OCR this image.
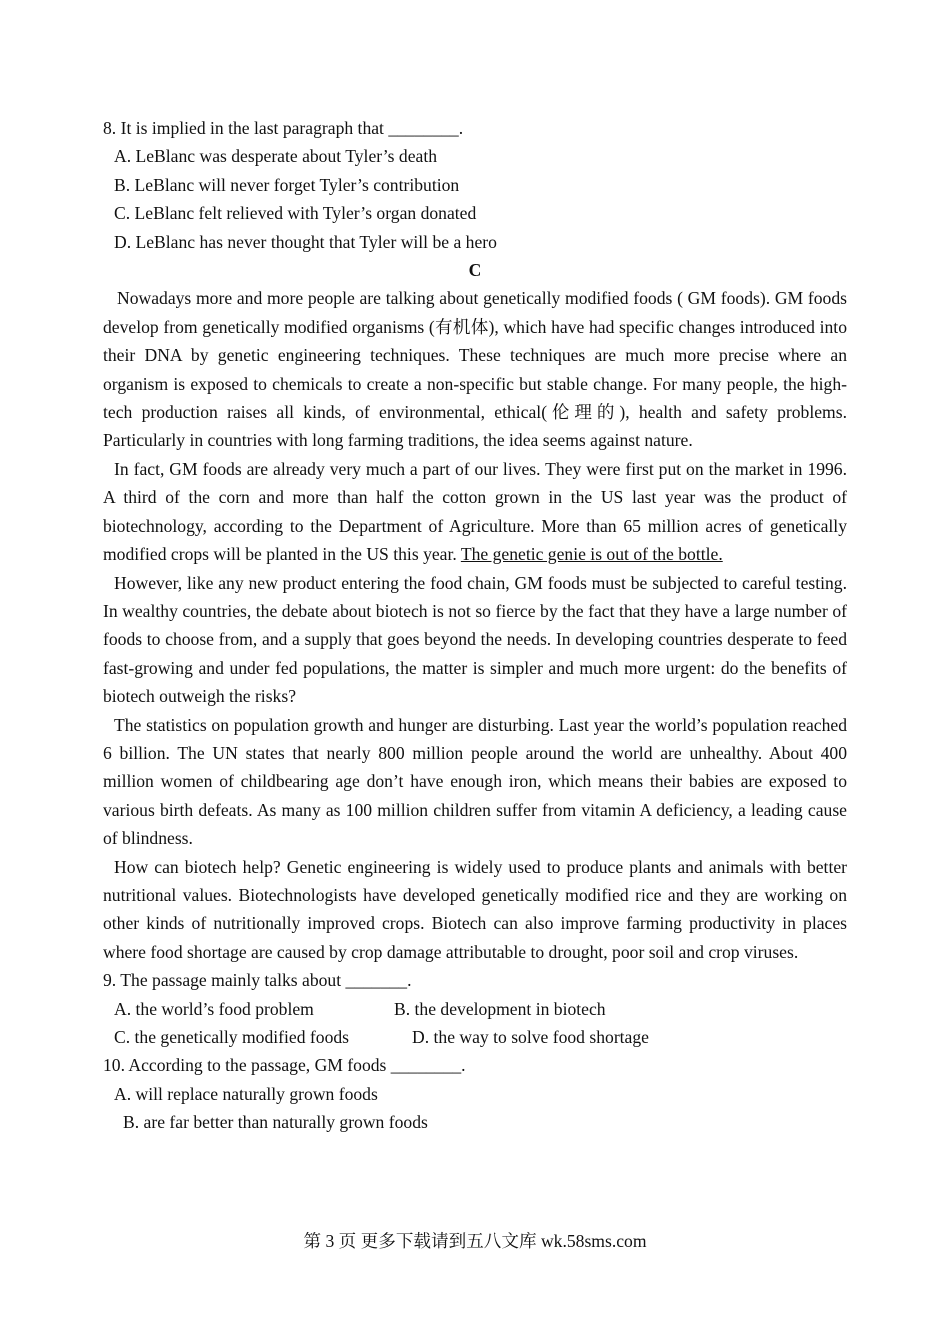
8. It is implied in the last paragraph that ________.
A. LeBlanc was desperate about Tyler’s death
B. LeBlanc will never forget Tyler’s contribution
C. LeBlanc felt relieved with Tyler’s organ donated
D. LeBlanc has never thought that Tyler will be a hero
C

Nowadays more and more people are talking about genetically modified foods ( GM foods). GM foods develop from genetically modified organisms (有机体), which have had specific changes introduced into their DNA by genetic engineering techniques. These techniques are much more precise where an organism is exposed to chemicals to create a non-specific but stable change. For many people, the high-tech production raises all kinds, of environmental, ethical(伦理的), health and safety problems. Particularly in countries with long farming traditions, the idea seems against nature.

In fact, GM foods are already very much a part of our lives. They were first put on the market in 1996. A third of the corn and more than half the cotton grown in the US last year was the product of biotechnology, according to the Department of Agriculture. More than 65 million acres of genetically modified crops will be planted in the US this year. The genetic genie is out of the bottle.

However, like any new product entering the food chain, GM foods must be subjected to careful testing. In wealthy countries, the debate about biotech is not so fierce by the fact that they have a large number of foods to choose from, and a supply that goes beyond the needs. In developing countries desperate to feed fast-growing and under fed populations, the matter is simpler and much more urgent: do the benefits of biotech outweigh the risks?

The statistics on population growth and hunger are disturbing. Last year the world’s population reached 6 billion. The UN states that nearly 800 million people around the world are unhealthy. About 400 million women of childbearing age don’t have enough iron, which means their babies are exposed to various birth defeats. As many as 100 million children suffer from vitamin A deficiency, a leading cause of blindness.

How can biotech help? Genetic engineering is widely used to produce plants and animals with better nutritional values. Biotechnologists have developed genetically modified rice and they are working on other kinds of nutritionally improved crops. Biotech can also improve farming productivity in places where food shortage are caused by crop damage attributable to drought, poor soil and crop viruses.

9. The passage mainly talks about _______.
A. the world’s food problem	B. the development in biotech
C. the genetically modified foods	D. the way to solve food shortage
10. According to the passage, GM foods ________.
A. will replace naturally grown foods
B. are far better than naturally grown foods
第 3 页 更多下载请到五八文库 wk.58sms.com
